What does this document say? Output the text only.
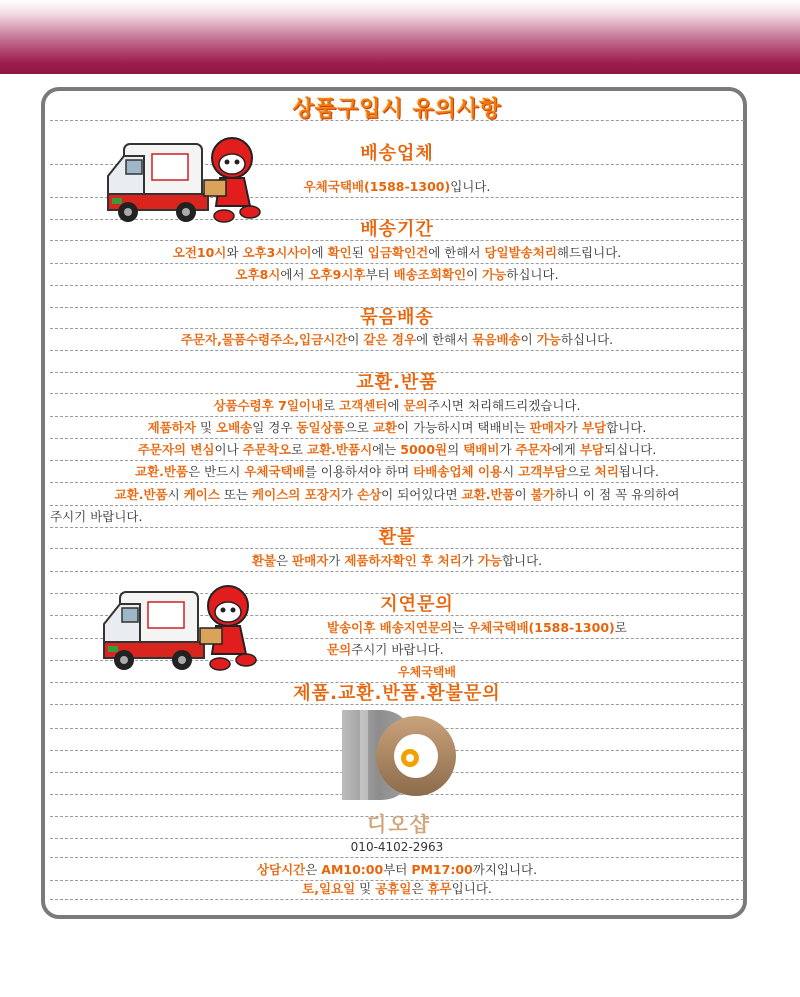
상품구입시 유의사항
배송업체
우체국택배(1588-1300)입니다.
배송기간
오전10시와 오후3시사이에 확인된 입금확인건에 한해서 당일발송처리해드립니다.
오후8시에서 오후9시후부터 배송조회확인이 가능하십니다.
묶음배송
주문자,물품수령주소,입금시간이 같은 경우에 한해서 묶음배송이 가능하십니다.
교환.반품
상품수령후 7일이내로 고객센터에 문의주시면 처리해드리겠습니다.
제품하자 및 오배송일 경우 동일상품으로 교환이 가능하시며 택배비는 판매자가 부담합니다.
주문자의 변심이나 주문착오로 교환.반품시에는 5000원의 택배비가 주문자에게 부담되십니다.
교환.반품은 반드시 우체국택배를 이용하셔야 하며 타배송업체 이용시 고객부담으로 처리됩니다.
교환.반품시 케이스 또는 케이스의 포장지가 손상이 되어있다면 교환.반품이 불가하니 이 점 꼭 유의하여
주시기 바랍니다.
환불
환불은 판매자가 제품하자확인 후 처리가 가능합니다.
지연문의
발송이후 배송지연문의는 우체국택배(1588-1300)로
문의주시기 바랍니다.
우체국택배
제품.교환.반품.환불문의
010-4102-2963
상담시간은 AM10:00부터 PM17:00까지입니다.
토,일요일 및 공휴일은 휴무입니다.
디오샵
